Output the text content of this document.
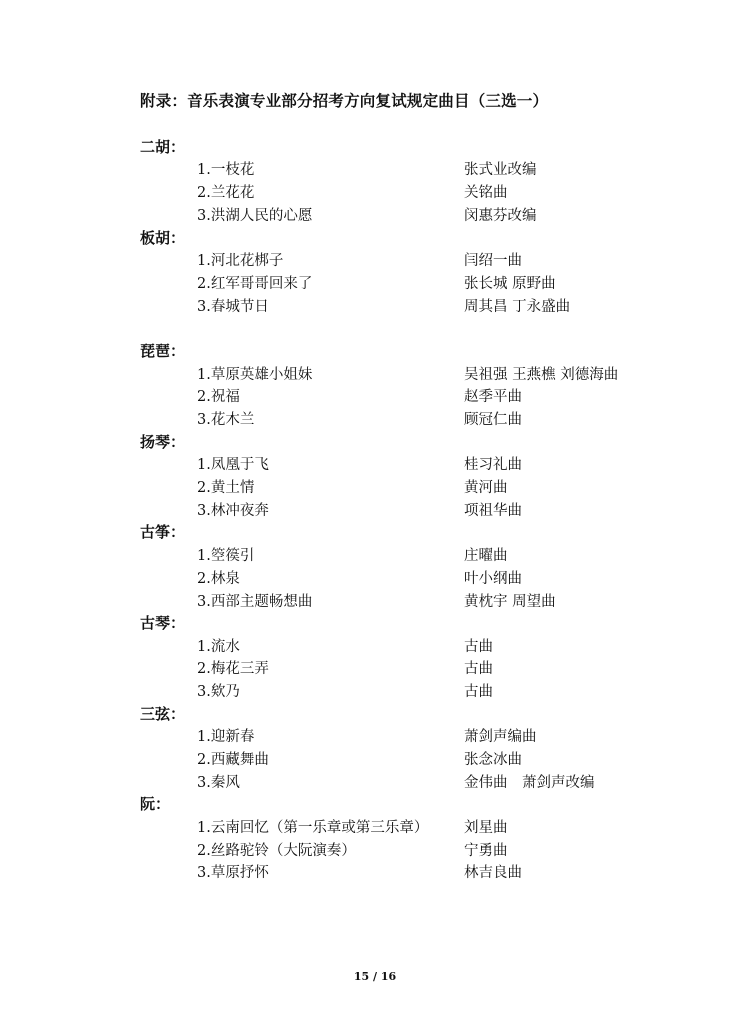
附录：音乐表演专业部分招考方向复试规定曲目（三选一）
二胡：
1.一枝花	张式业改编
2.兰花花	关铭曲
3.洪湖人民的心愿	闵惠芬改编
板胡：
1.河北花梆子	闫绍一曲
2.红军哥哥回来了	张长城 原野曲
3.春城节日	周其昌 丁永盛曲
琵琶：
1.草原英雄小姐妹	吴祖强 王燕樵 刘德海曲
2.祝福	赵季平曲
3.花木兰	顾冠仁曲
扬琴：
1.凤凰于飞	桂习礼曲
2.黄土情	黄河曲
3.林冲夜奔	项祖华曲
古筝：
1.箜篌引	庄曜曲
2.林泉	叶小纲曲
3.西部主题畅想曲	黄枕宇 周望曲
古琴：
1.流水	古曲
2.梅花三弄	古曲
3.欸乃	古曲
三弦：
1.迎新春	萧剑声编曲
2.西藏舞曲	张念冰曲
3.秦风	金伟曲　萧剑声改编
阮：
1.云南回忆（第一乐章或第三乐章） 刘星曲
2.丝路驼铃（大阮演奏）	宁勇曲
3.草原抒怀	林吉良曲
15 / 16
